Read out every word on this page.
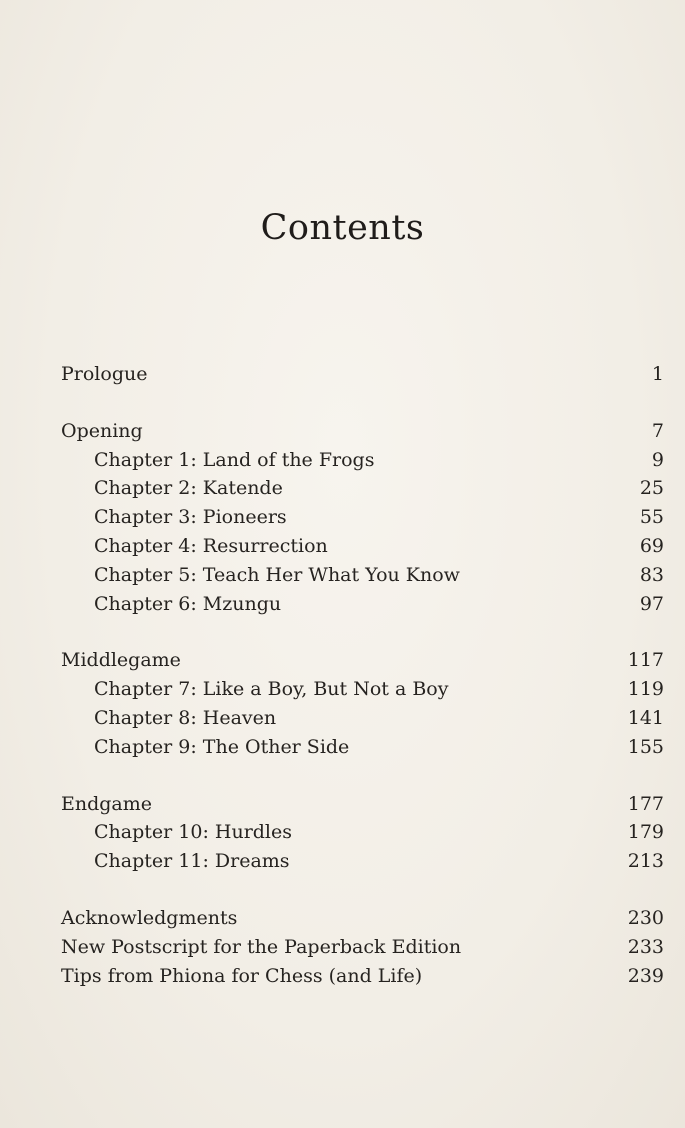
Contents
Prologue	1
Opening	7
Chapter 1: Land of the Frogs	9
Chapter 2: Katende	25
Chapter 3: Pioneers	55
Chapter 4: Resurrection	69
Chapter 5: Teach Her What You Know	83
Chapter 6: Mzungu	97
Middlegame	117
Chapter 7: Like a Boy, But Not a Boy	119
Chapter 8: Heaven	141
Chapter 9: The Other Side	155
Endgame	177
Chapter 10: Hurdles	179
Chapter 11: Dreams	213
Acknowledgments	230
New Postscript for the Paperback Edition	233
Tips from Phiona for Chess (and Life)	239
